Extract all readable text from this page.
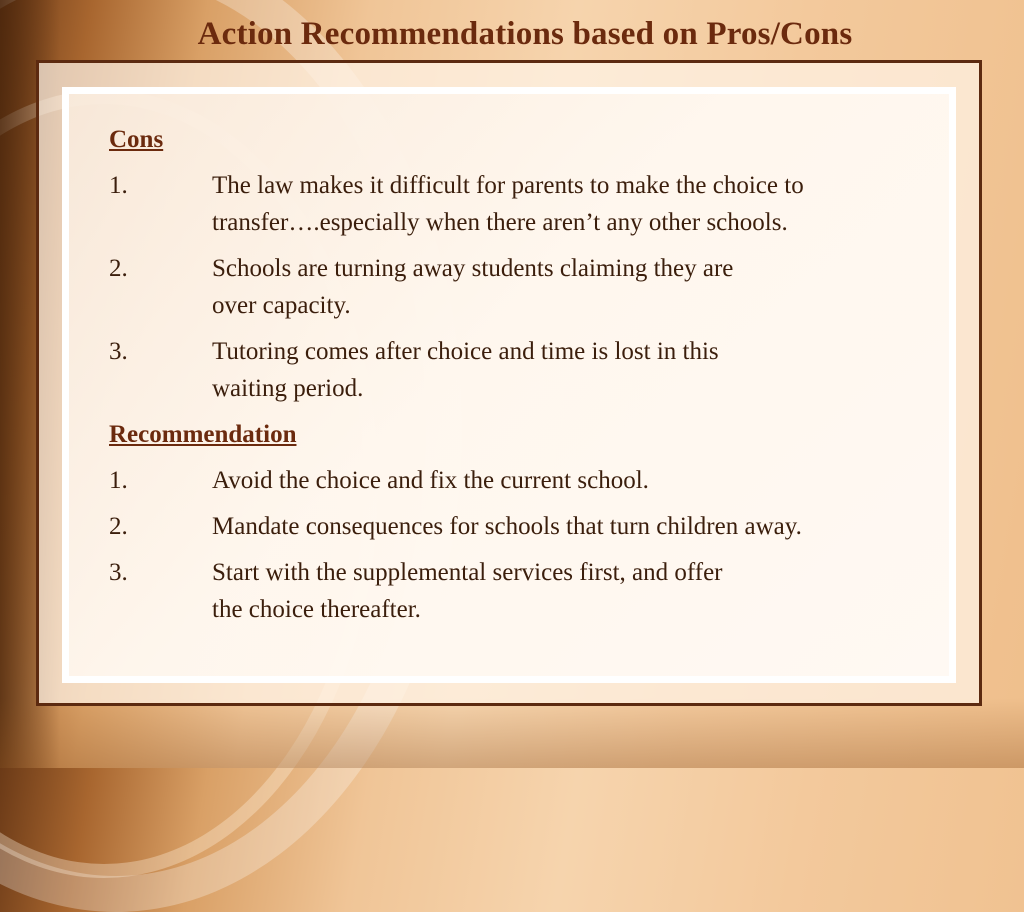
Action Recommendations based on Pros/Cons
Cons
1.	The law makes it difficult for parents to make the choice to
transfer….especially when there aren’t any other schools.
2.	Schools are turning away students claiming they are
over capacity.
3.	Tutoring comes after choice and time is lost in this
waiting period.
Recommendation
1.	Avoid the choice and fix the current school.
2.	Mandate consequences for schools that turn children away.
3.	Start with the supplemental services first, and offer
the choice thereafter.
